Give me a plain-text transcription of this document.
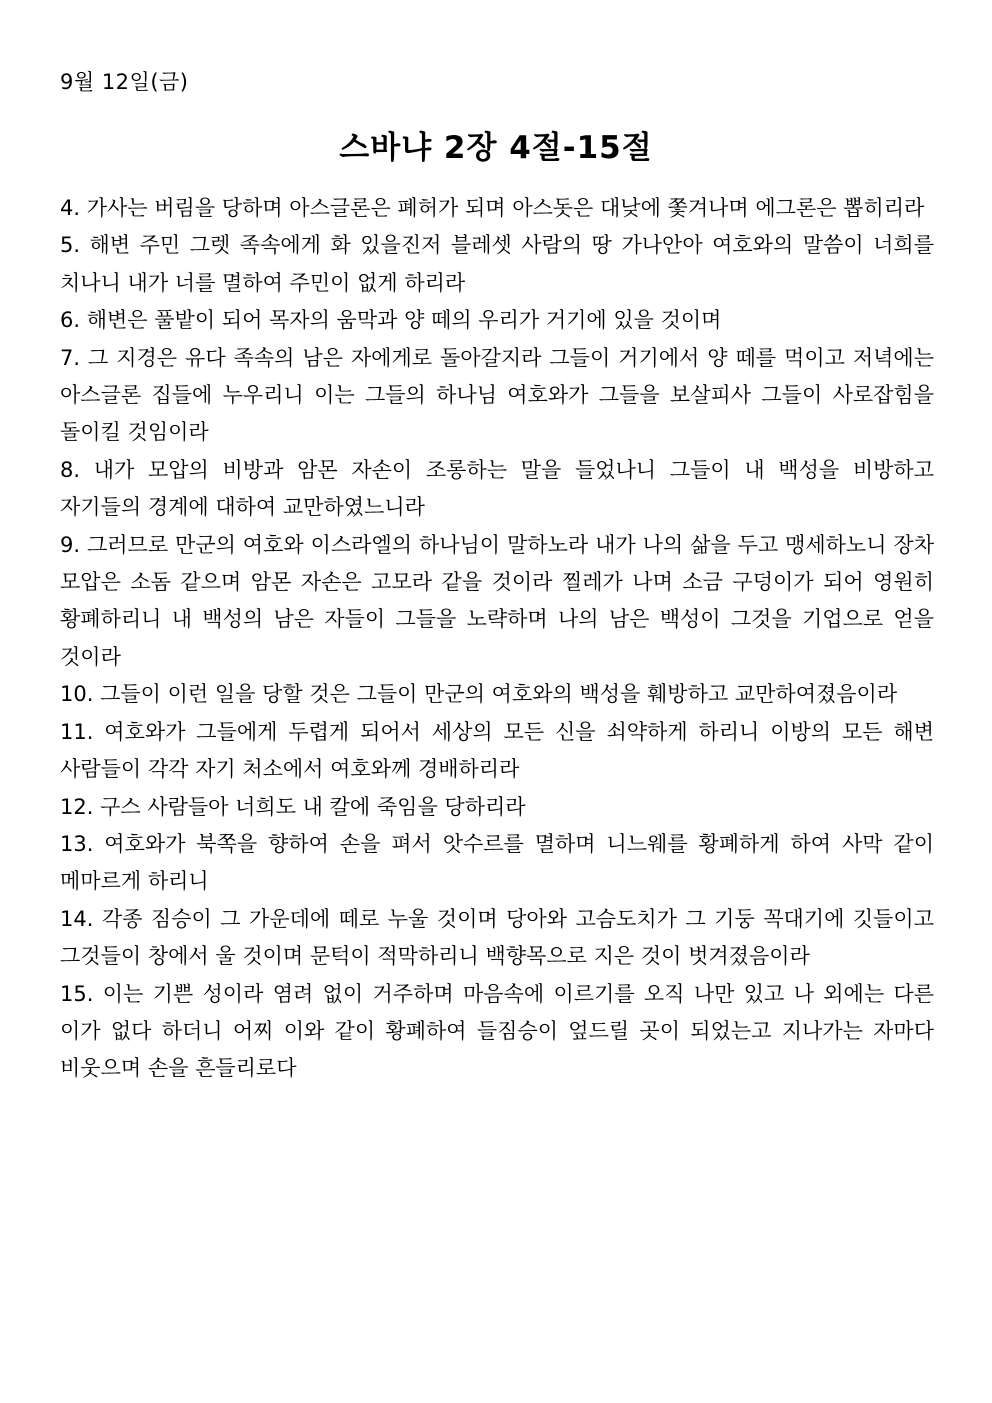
9월 12일(금)
스바냐 2장 4절-15절

4. 가사는 버림을 당하며 아스글론은 폐허가 되며 아스돗은 대낮에 쫓겨나며 에그론은 뽑히리라

5. 해변 주민 그렛 족속에게 화 있을진저 블레셋 사람의 땅 가나안아 여호와의 말씀이 너희를 치나니 내가 너를 멸하여 주민이 없게 하리라

6. 해변은 풀밭이 되어 목자의 움막과 양 떼의 우리가 거기에 있을 것이며

7. 그 지경은 유다 족속의 남은 자에게로 돌아갈지라 그들이 거기에서 양 떼를 먹이고 저녁에는 아스글론 집들에 누우리니 이는 그들의 하나님 여호와가 그들을 보살피사 그들이 사로잡힘을 돌이킬 것임이라

8. 내가 모압의 비방과 암몬 자손이 조롱하는 말을 들었나니 그들이 내 백성을 비방하고 자기들의 경계에 대하여 교만하였느니라

9. 그러므로 만군의 여호와 이스라엘의 하나님이 말하노라 내가 나의 삶을 두고 맹세하노니 장차 모압은 소돔 같으며 암몬 자손은 고모라 같을 것이라 찔레가 나며 소금 구덩이가 되어 영원히 황폐하리니 내 백성의 남은 자들이 그들을 노략하며 나의 남은 백성이 그것을 기업으로 얻을 것이라

10. 그들이 이런 일을 당할 것은 그들이 만군의 여호와의 백성을 훼방하고 교만하여졌음이라

11. 여호와가 그들에게 두렵게 되어서 세상의 모든 신을 쇠약하게 하리니 이방의 모든 해변 사람들이 각각 자기 처소에서 여호와께 경배하리라

12. 구스 사람들아 너희도 내 칼에 죽임을 당하리라

13. 여호와가 북쪽을 향하여 손을 펴서 앗수르를 멸하며 니느웨를 황폐하게 하여 사막 같이 메마르게 하리니

14. 각종 짐승이 그 가운데에 떼로 누울 것이며 당아와 고슴도치가 그 기둥 꼭대기에 깃들이고 그것들이 창에서 울 것이며 문턱이 적막하리니 백향목으로 지은 것이 벗겨졌음이라

15. 이는 기쁜 성이라 염려 없이 거주하며 마음속에 이르기를 오직 나만 있고 나 외에는 다른 이가 없다 하더니 어찌 이와 같이 황폐하여 들짐승이 엎드릴 곳이 되었는고 지나가는 자마다 비웃으며 손을 흔들리로다
